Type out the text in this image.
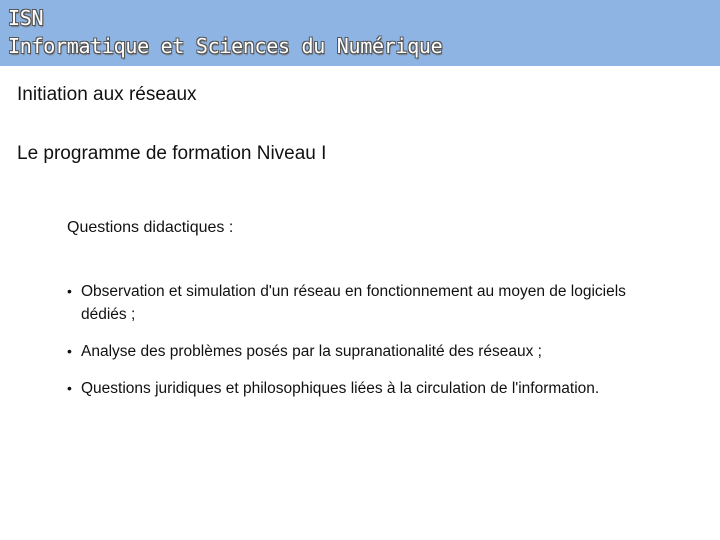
ISN
Informatique et Sciences du Numérique

Initiation aux réseaux

Le programme de formation Niveau I

Questions didactiques :

• Observation et simulation d'un réseau en fonctionnement au moyen de logiciels dédiés ;
• Analyse des problèmes posés par la supranationalité des réseaux ;
• Questions juridiques et philosophiques liées à la circulation de l'information.
